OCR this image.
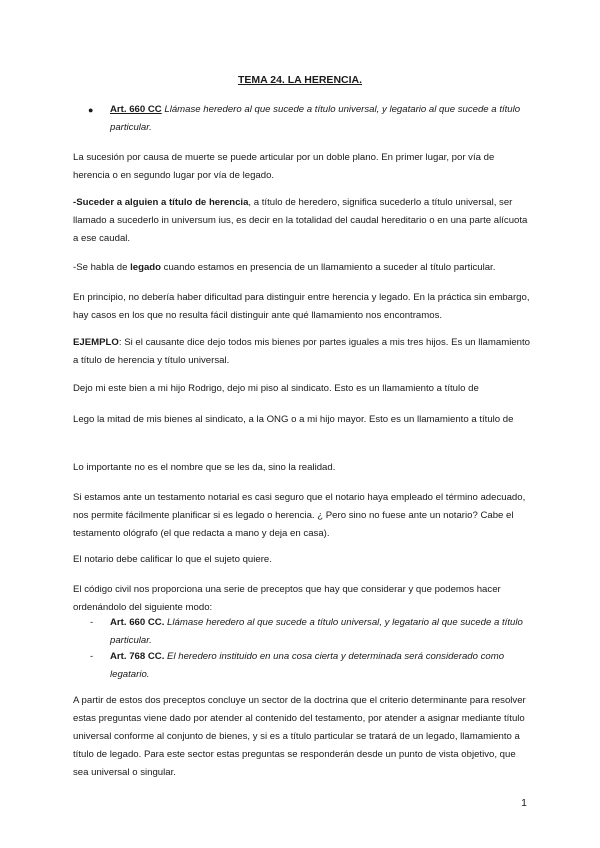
TEMA 24. LA HERENCIA.
● Art. 660 CC Llámase heredero al que sucede a título universal, y legatario al que sucede a título particular.

La sucesión por causa de muerte se puede articular por un doble plano. En primer lugar, por vía de herencia o en segundo lugar por vía de legado.

-Suceder a alguien a título de herencia, a título de heredero, significa sucederlo a título universal, ser llamado a sucederlo in universum ius, es decir en la totalidad del caudal hereditario o en una parte alícuota a ese caudal.

-Se habla de legado cuando estamos en presencia de un llamamiento a suceder al título particular.

En principio, no debería haber dificultad para distinguir entre herencia y legado. En la práctica sin embargo, hay casos en los que no resulta fácil distinguir ante qué llamamiento nos encontramos.

EJEMPLO: Si el causante dice dejo todos mis bienes por partes iguales a mis tres hijos. Es un llamamiento a título de herencia y título universal.

Dejo mi este bien a mi hijo Rodrigo, dejo mi piso al sindicato. Esto es un llamamiento a título de

Lego la mitad de mis bienes al sindicato, a la ONG o a mi hijo mayor. Esto es un llamamiento a título de

Lo importante no es el nombre que se les da, sino la realidad.

Si estamos ante un testamento notarial es casi seguro que el notario haya empleado el término adecuado, nos permite fácilmente planificar si es legado o herencia. ¿ Pero sino no fuese ante un notario? Cabe el testamento ológrafo (el que redacta a mano y deja en casa).

El notario debe calificar lo que el sujeto quiere.

El código civil nos proporciona una serie de preceptos que hay que considerar y que podemos hacer ordenándolo del siguiente modo:

- Art. 660 CC. Llámase heredero al que sucede a título universal, y legatario al que sucede a título particular.

- Art. 768 CC. El heredero instituido en una cosa cierta y determinada será considerado como legatario.

A partir de estos dos preceptos concluye un sector de la doctrina que el criterio determinante para resolver estas preguntas viene dado por atender al contenido del testamento, por atender a asignar mediante título universal conforme al conjunto de bienes, y si es a título particular se tratará de un legado, llamamiento a título de legado. Para este sector estas preguntas se responderán desde un punto de vista objetivo, que sea universal o singular.

1
